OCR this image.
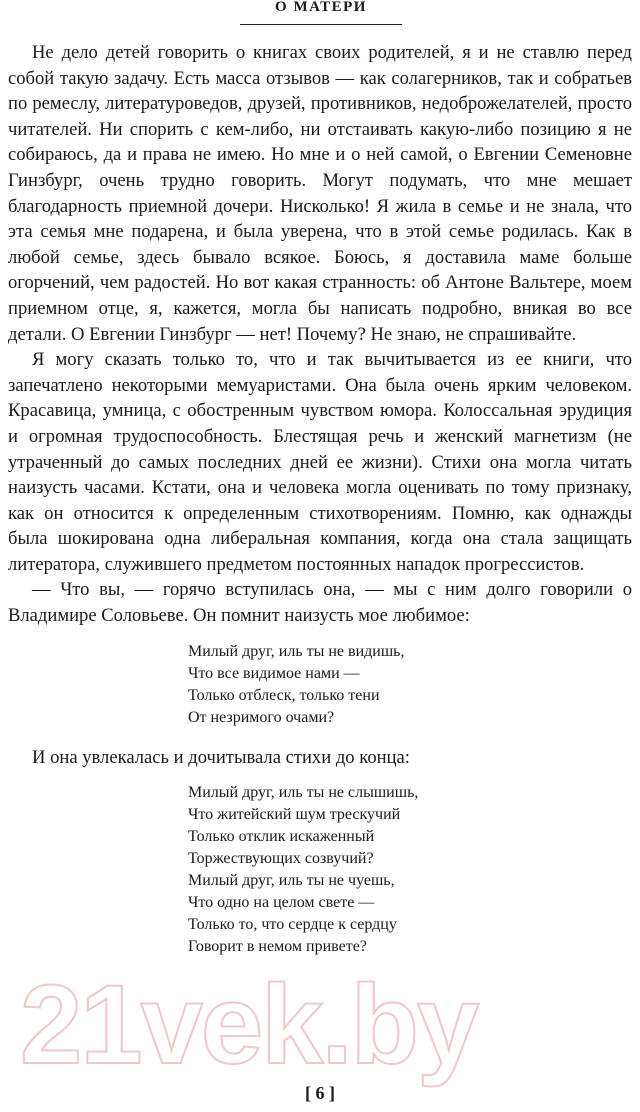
О МАТЕРИ

Не дело детей говорить о книгах своих родителей, я и не ставлю перед собой такую задачу. Есть масса отзывов — как солагерников, так и собратьев по ремеслу, литературоведов, друзей, противников, недоброжелателей, просто читателей. Ни спорить с кем-либо, ни отстаивать какую-либо позицию я не собираюсь, да и права не имею. Но мне и о ней самой, о Евгении Семеновне Гинзбург, очень трудно говорить. Могут подумать, что мне мешает благодарность приемной дочери. Нисколько! Я жила в семье и не знала, что эта семья мне подарена, и была уверена, что в этой семье родилась. Как в любой семье, здесь бывало всякое. Боюсь, я доставила маме больше огорчений, чем радостей. Но вот какая странность: об Антоне Вальтере, моем приемном отце, я, кажется, могла бы написать подробно, вникая во все детали. О Евгении Гинзбург — нет! Почему? Не знаю, не спрашивайте.

Я могу сказать только то, что и так вычитывается из ее книги, что запечатлено некоторыми мемуаристами. Она была очень ярким человеком. Красавица, умница, с обостренным чувством юмора. Колоссальная эрудиция и огромная трудоспособность. Блестящая речь и женский магнетизм (не утраченный до самых последних дней ее жизни). Стихи она могла читать наизусть часами. Кстати, она и человека могла оценивать по тому признаку, как он относится к определенным стихотворениям. Помню, как однажды была шокирована одна либеральная компания, когда она стала защищать литератора, служившего предметом постоянных нападок прогрессистов.

— Что вы, — горячо вступилась она, — мы с ним долго говорили о Владимире Соловьеве. Он помнит наизусть мое любимое:

Милый друг, иль ты не видишь,
Что все видимое нами —
Только отблеск, только тени
От незримого очами?

И она увлекалась и дочитывала стихи до конца:

Милый друг, иль ты не слышишь,
Что житейский шум трескучий
Только отклик искаженный
Торжествующих созвучий?
Милый друг, иль ты не чуешь,
Что одно на целом свете —
Только то, что сердце к сердцу
Говорит в немом привете?
21vek.by
[ 6 ]
